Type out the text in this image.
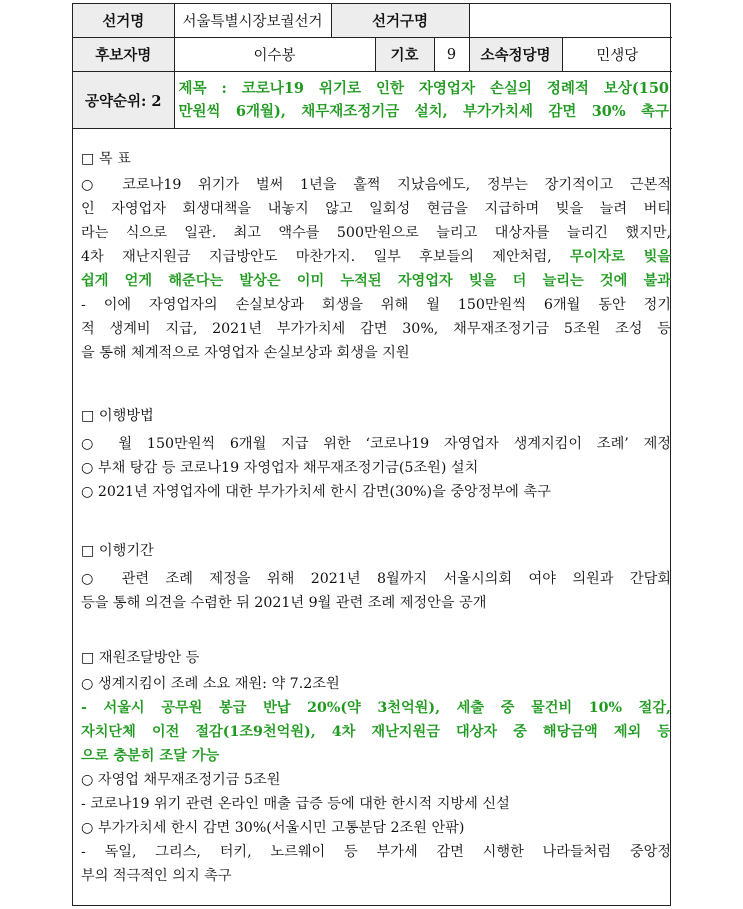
선거명	서울특별시장보궐선거	선거구명				
후보자명	이수봉		기호	9	소속정당명	민생당
공약순위: 2	제목 : 코로나19 위기로 인한 자영업자 손실의 정례적 보상(150
만원씩 6개월), 채무재조정기금 설치, 부가가치세 감면 30% 촉구					
□ 목 표
○ 코로나19 위기가 벌써 1년을 훌쩍 지났음에도, 정부는 장기적이고 근본적
인 자영업자 회생대책을 내놓지 않고 일회성 현금을 지급하며 빚을 늘려 버티
라는 식으로 일관. 최고 액수를 500만원으로 늘리고 대상자를 늘리긴 했지만,
4차 재난지원금 지급방안도 마찬가지. 일부 후보들의 제안처럼, 무이자로 빚을
쉽게 얻게 해준다는 발상은 이미 누적된 자영업자 빚을 더 늘리는 것에 불과
- 이에 자영업자의 손실보상과 회생을 위해 월 150만원씩 6개월 동안 정기
적 생계비 지급, 2021년 부가가치세 감면 30%, 채무재조정기금 5조원 조성 등
을 통해 체계적으로 자영업자 손실보상과 회생을 지원
□ 이행방법
○ 월 150만원씩 6개월 지급 위한 ‘코로나19 자영업자 생계지킴이 조례’ 제정
○ 부채 탕감 등 코로나19 자영업자 채무재조정기금(5조원) 설치
○ 2021년 자영업자에 대한 부가가치세 한시 감면(30%)을 중앙정부에 촉구
□ 이행기간
○ 관련 조례 제정을 위해 2021년 8월까지 서울시의회 여야 의원과 간담회
등을 통해 의견을 수렴한 뒤 2021년 9월 관련 조례 제정안을 공개
□ 재원조달방안 등
○ 생계지킴이 조례 소요 재원: 약 7.2조원
- 서울시 공무원 봉급 반납 20%(약 3천억원), 세출 중 물건비 10% 절감,
자치단체 이전 절감(1조9천억원), 4차 재난지원금 대상자 중 해당금액 제외 등
으로 충분히 조달 가능
○ 자영업 채무재조정기금 5조원
- 코로나19 위기 관련 온라인 매출 급증 등에 대한 한시적 지방세 신설
○ 부가가치세 한시 감면 30%(서울시민 고통분담 2조원 안팎)
- 독일, 그리스, 터키, 노르웨이 등 부가세 감면 시행한 나라들처럼 중앙정
부의 적극적인 의지 촉구
